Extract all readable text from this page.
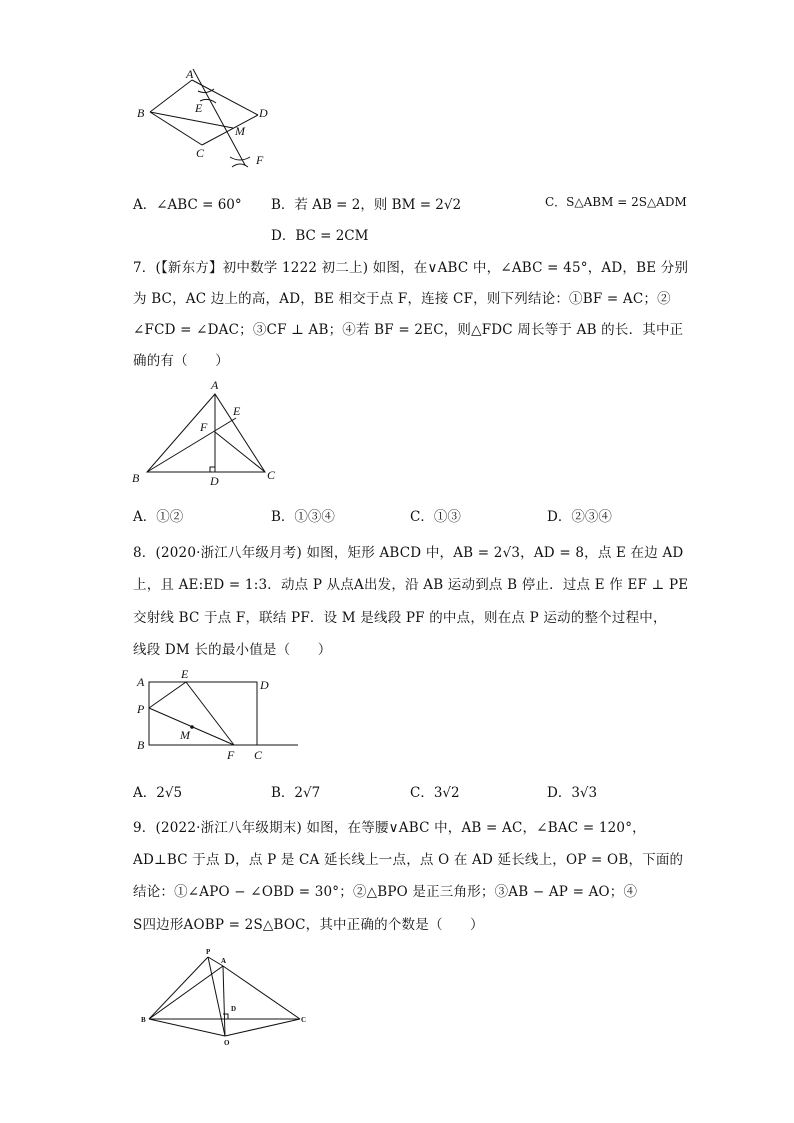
A
B
C
D
E
M
F
A．∠ABC = 60° B．若 AB = 2，则 BM = 2√2	C．S△ABM = 2S△ADM
D．BC = 2CM
7．(【新东方】初中数学 1222 初二上) 如图，在∨ABC 中，∠ABC = 45°，AD，BE 分别
为 BC，AC 边上的高，AD，BE 相交于点 F，连接 CF，则下列结论：①BF = AC；②
∠FCD = ∠DAC；③CF ⊥ AB；④若 BF = 2EC，则△FDC 周长等于 AB 的长．其中正
确的有（　　）
A
E
F
B	D	C
A．①②	B．①③④	C．①③	D．②③④
8．(2020·浙江八年级月考) 如图，矩形 ABCD 中，AB = 2√3，AD = 8，点 E 在边 AD
上，且 AE:ED = 1:3．动点 P 从点A出发，沿 AB 运动到点 B 停止．过点 E 作 EF ⊥ PE
交射线 BC 于点 F，联结 PF．设 M 是线段 PF 的中点，则在点 P 运动的整个过程中，
线段 DM 长的最小值是（　　）
A
E
D
P
M
B
F C
A．2√5	B．2√7	C．3√2	D．3√3
9．(2022·浙江八年级期末) 如图，在等腰∨ABC 中，AB = AC，∠BAC = 120°，
AD⊥BC 于点 D，点 P 是 CA 延长线上一点，点 O 在 AD 延长线上，OP = OB，下面的
结论：①∠APO − ∠OBD = 30°；②△BPO 是正三角形；③AB − AP = AO；④
S四边形AOBP = 2S△BOC，其中正确的个数是（　　）
P
A
D
B	C
O
